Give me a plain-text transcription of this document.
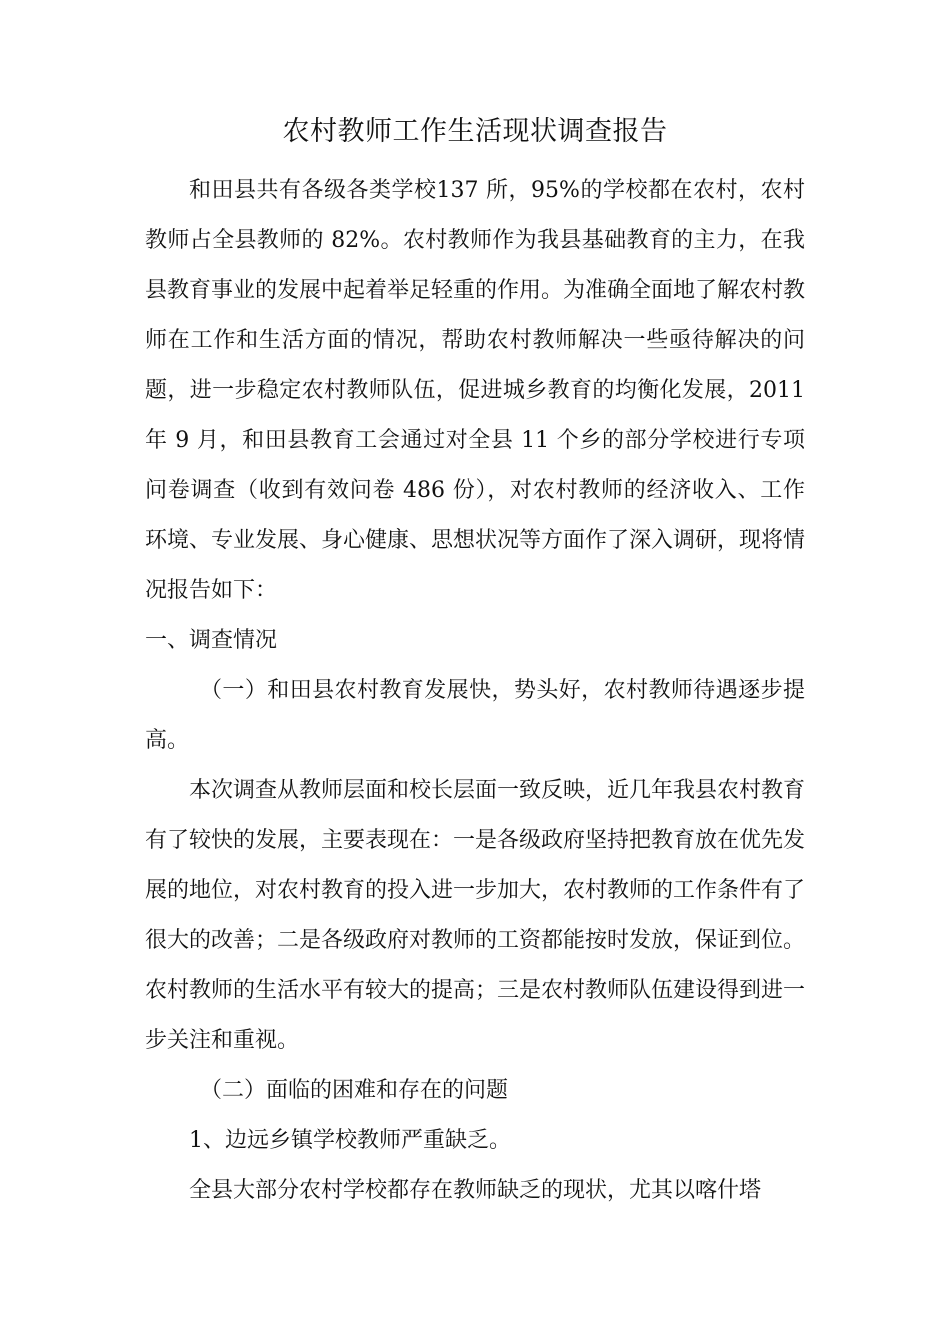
农村教师工作生活现状调查报告

和田县共有各级各类学校137 所，95%的学校都在农村，农村教师占全县教师的 82%。农村教师作为我县基础教育的主力，在我县教育事业的发展中起着举足轻重的作用。为准确全面地了解农村教师在工作和生活方面的情况，帮助农村教师解决一些亟待解决的问题，进一步稳定农村教师队伍，促进城乡教育的均衡化发展，2011 年 9 月，和田县教育工会通过对全县 11 个乡的部分学校进行专项问卷调查（收到有效问卷 486 份），对农村教师的经济收入、工作环境、专业发展、身心健康、思想状况等方面作了深入调研，现将情况报告如下：

一、调查情况

（一）和田县农村教育发展快，势头好，农村教师待遇逐步提高。

本次调查从教师层面和校长层面一致反映，近几年我县农村教育有了较快的发展，主要表现在：一是各级政府坚持把教育放在优先发展的地位，对农村教育的投入进一步加大，农村教师的工作条件有了很大的改善；二是各级政府对教师的工资都能按时发放，保证到位。农村教师的生活水平有较大的提高；三是农村教师队伍建设得到进一步关注和重视。

（二）面临的困难和存在的问题

1、边远乡镇学校教师严重缺乏。

全县大部分农村学校都存在教师缺乏的现状，尤其以喀什塔
